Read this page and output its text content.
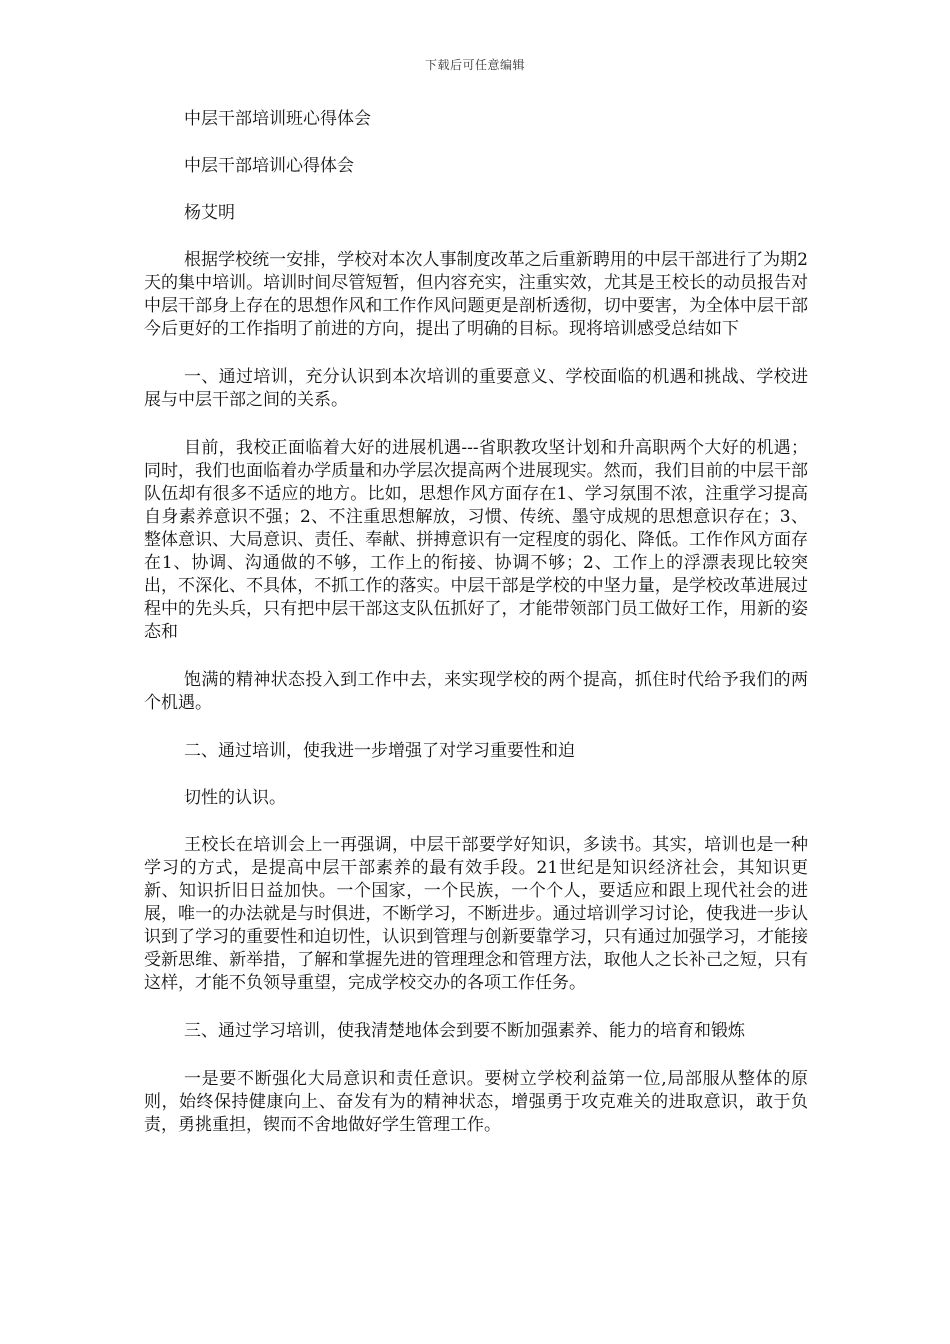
下载后可任意编辑

中层干部培训班心得体会

中层干部培训心得体会

杨艾明

根据学校统一安排，学校对本次人事制度改革之后重新聘用的中层干部进行了为期2天的集中培训。培训时间尽管短暂，但内容充实，注重实效，尤其是王校长的动员报告对中层干部身上存在的思想作风和工作作风问题更是剖析透彻，切中要害，为全体中层干部今后更好的工作指明了前进的方向，提出了明确的目标。现将培训感受总结如下

一、通过培训，充分认识到本次培训的重要意义、学校面临的机遇和挑战、学校进展与中层干部之间的关系。

目前，我校正面临着大好的进展机遇---省职教攻坚计划和升高职两个大好的机遇；同时，我们也面临着办学质量和办学层次提高两个进展现实。然而，我们目前的中层干部队伍却有很多不适应的地方。比如，思想作风方面存在1、学习氛围不浓，注重学习提高自身素养意识不强；2、不注重思想解放，习惯、传统、墨守成规的思想意识存在；3、整体意识、大局意识、责任、奉献、拼搏意识有一定程度的弱化、降低。工作作风方面存在1、协调、沟通做的不够，工作上的衔接、协调不够；2、工作上的浮漂表现比较突出，不深化、不具体，不抓工作的落实。中层干部是学校的中坚力量，是学校改革进展过程中的先头兵，只有把中层干部这支队伍抓好了，才能带领部门员工做好工作，用新的姿态和

饱满的精神状态投入到工作中去，来实现学校的两个提高，抓住时代给予我们的两个机遇。

二、通过培训，使我进一步增强了对学习重要性和迫

切性的认识。

王校长在培训会上一再强调，中层干部要学好知识，多读书。其实，培训也是一种学习的方式，是提高中层干部素养的最有效手段。21世纪是知识经济社会，其知识更新、知识折旧日益加快。一个国家，一个民族，一个个人，要适应和跟上现代社会的进展，唯一的办法就是与时俱进，不断学习，不断进步。通过培训学习讨论，使我进一步认识到了学习的重要性和迫切性，认识到管理与创新要靠学习，只有通过加强学习，才能接受新思维、新举措，了解和掌握先进的管理理念和管理方法，取他人之长补己之短，只有这样，才能不负领导重望，完成学校交办的各项工作任务。

三、通过学习培训，使我清楚地体会到要不断加强素养、能力的培育和锻炼

一是要不断强化大局意识和责任意识。要树立学校利益第一位,局部服从整体的原则，始终保持健康向上、奋发有为的精神状态，增强勇于攻克难关的进取意识，敢于负责，勇挑重担，锲而不舍地做好学生管理工作。
